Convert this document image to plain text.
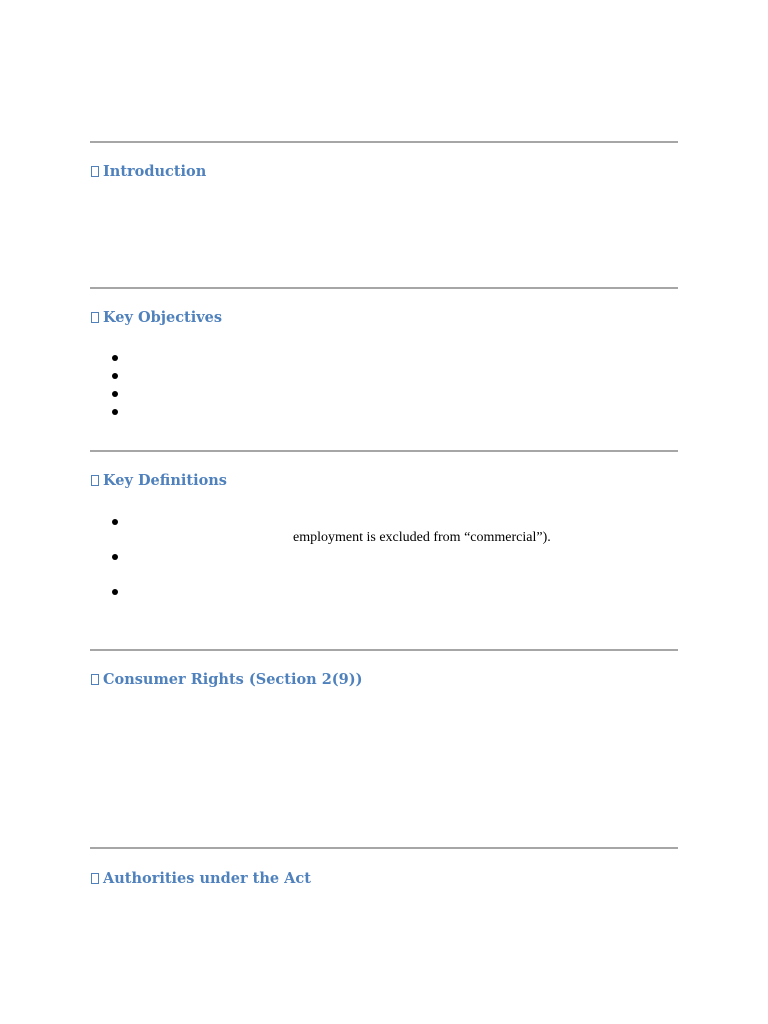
Introduction
Key Objectives
Key Definitions
employment is excluded from “commercial”).
Consumer Rights (Section 2(9))
Authorities under the Act
